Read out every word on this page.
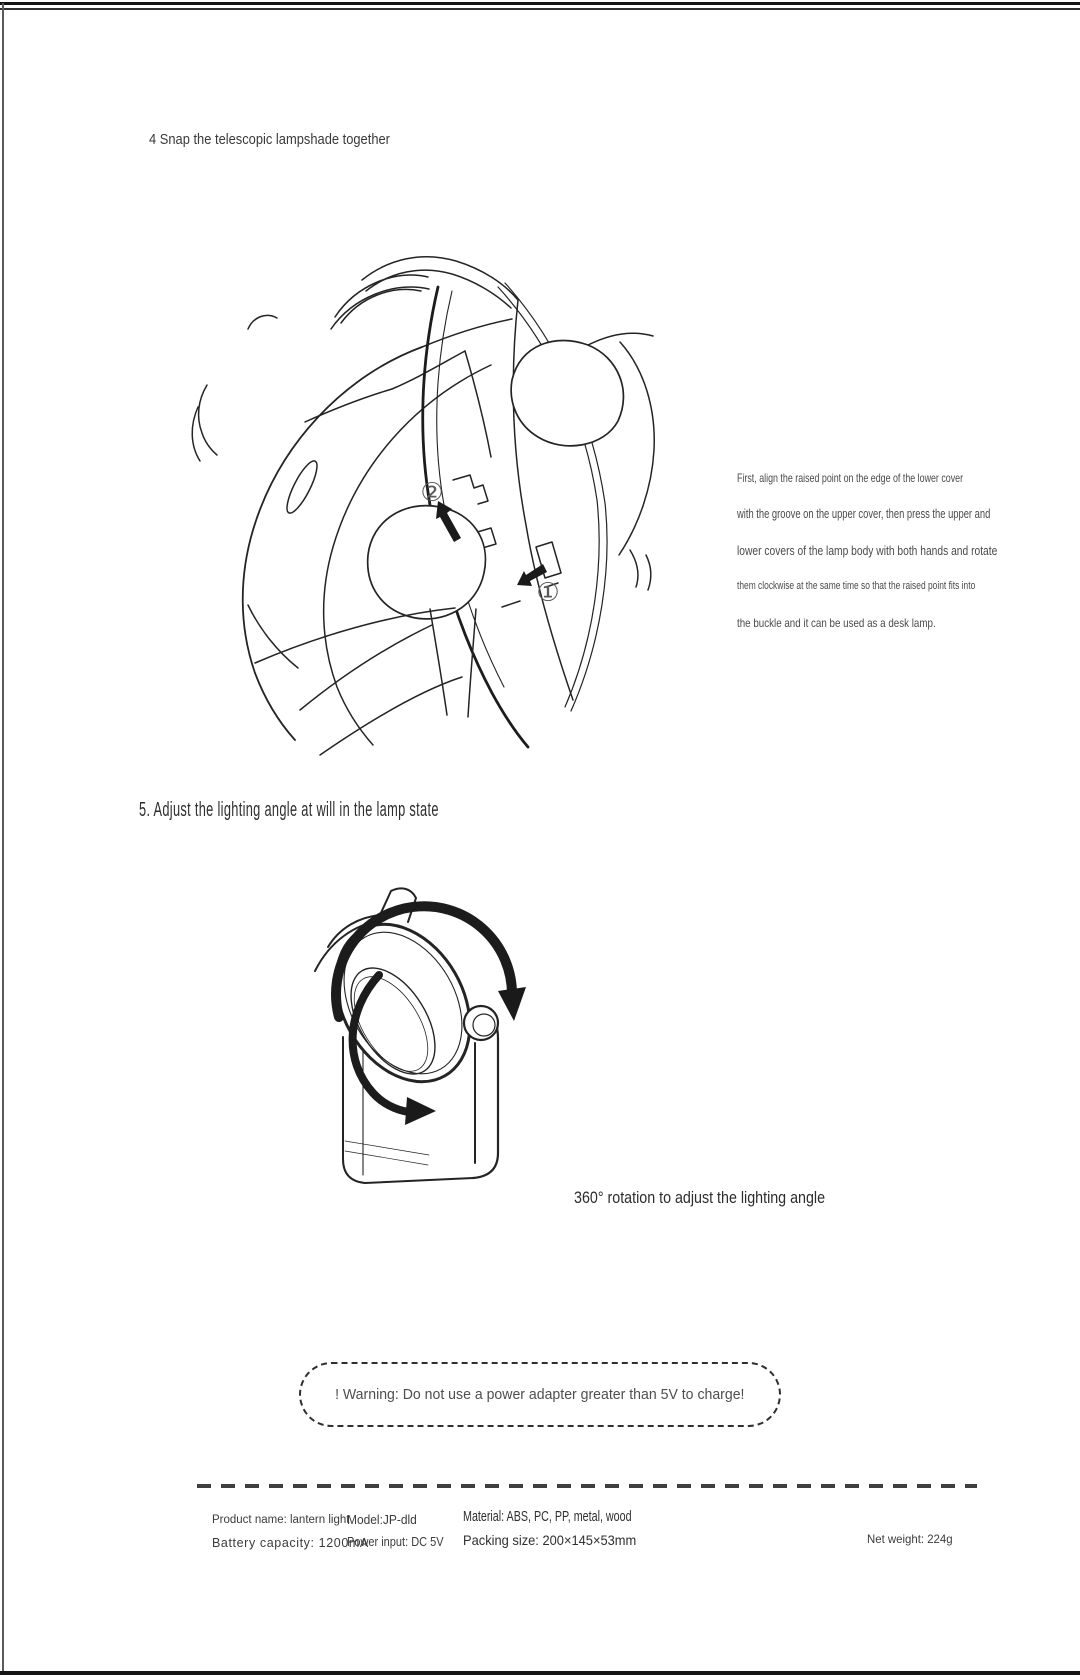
4 Snap the telescopic lampshade together
②
①
First, align the raised point on the edge of the lower cover
with the groove on the upper cover, then press the upper and
lower covers of the lamp body with both hands and rotate
them clockwise at the same time so that the raised point fits into
the buckle and it can be used as a desk lamp.
5. Adjust the lighting angle at will in the lamp state
360° rotation to adjust the lighting angle
! Warning: Do not use a power adapter greater than 5V to charge!
Product name: lantern light
Battery capacity: 1200mA
Model:JP-dld
Power input: DC 5V
Material: ABS, PC, PP, metal, wood
Packing size: 200×145×53mm	Net weight: 224g
